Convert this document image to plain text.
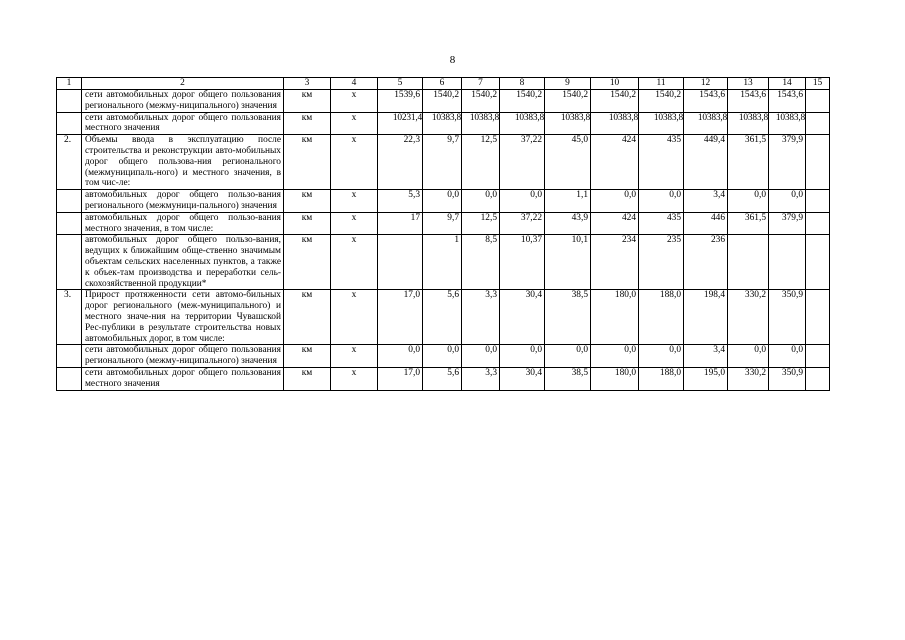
8
1	2	3	4	5	6	7	8	9	10	11	12	13	14	15
	сети автомобильных дорог общего пользования регионального (межму-ниципального) значения	км	х	1539,6	1540,2	1540,2	1540,2	1540,2	1540,2	1540,2	1543,6	1543,6	1543,6	
	сети автомобильных дорог общего пользования местного значения	км	х	10231,4	10383,8	10383,8	10383,8	10383,8	10383,8	10383,8	10383,8	10383,8	10383,8	
2.	Объемы ввода в эксплуатацию после строительства и реконструкции авто-мобильных дорог общего пользова-ния регионального (межмуниципаль-ного) и местного значения, в том чис-ле:	км	х	22,3	9,7	12,5	37,22	45,0	424	435	449,4	361,5	379,9	
	автомобильных дорог общего пользо-вания регионального (межмуници-пального) значения	км	х	5,3	0,0	0,0	0,0	1,1	0,0	0,0	3,4	0,0	0,0	
	автомобильных дорог общего пользо-вания местного значения, в том числе:	км	х	17	9,7	12,5	37,22	43,9	424	435	446	361,5	379,9	
	автомобильных дорог общего пользо-вания, ведущих к ближайшим обще-ственно значимым объектам сельских населенных пунктов, а также к объек-там производства и переработки сель-скохозяйственной продукции*	км	х		1	8,5	10,37	10,1	234	235	236			
3.	Прирост протяженности сети автомо-бильных дорог регионального (меж-муниципального) и местного значе-ния на территории Чувашской Рес-публики в результате строительства новых автомобильных дорог, в том числе:	км	х	17,0	5,6	3,3	30,4	38,5	180,0	188,0	198,4	330,2	350,9	
	сети автомобильных дорог общего пользования регионального (межму-ниципального) значения	км	х	0,0	0,0	0,0	0,0	0,0	0,0	0,0	3,4	0,0	0,0	
	сети автомобильных дорог общего пользования местного значения	км	х	17,0	5,6	3,3	30,4	38,5	180,0	188,0	195,0	330,2	350,9	
